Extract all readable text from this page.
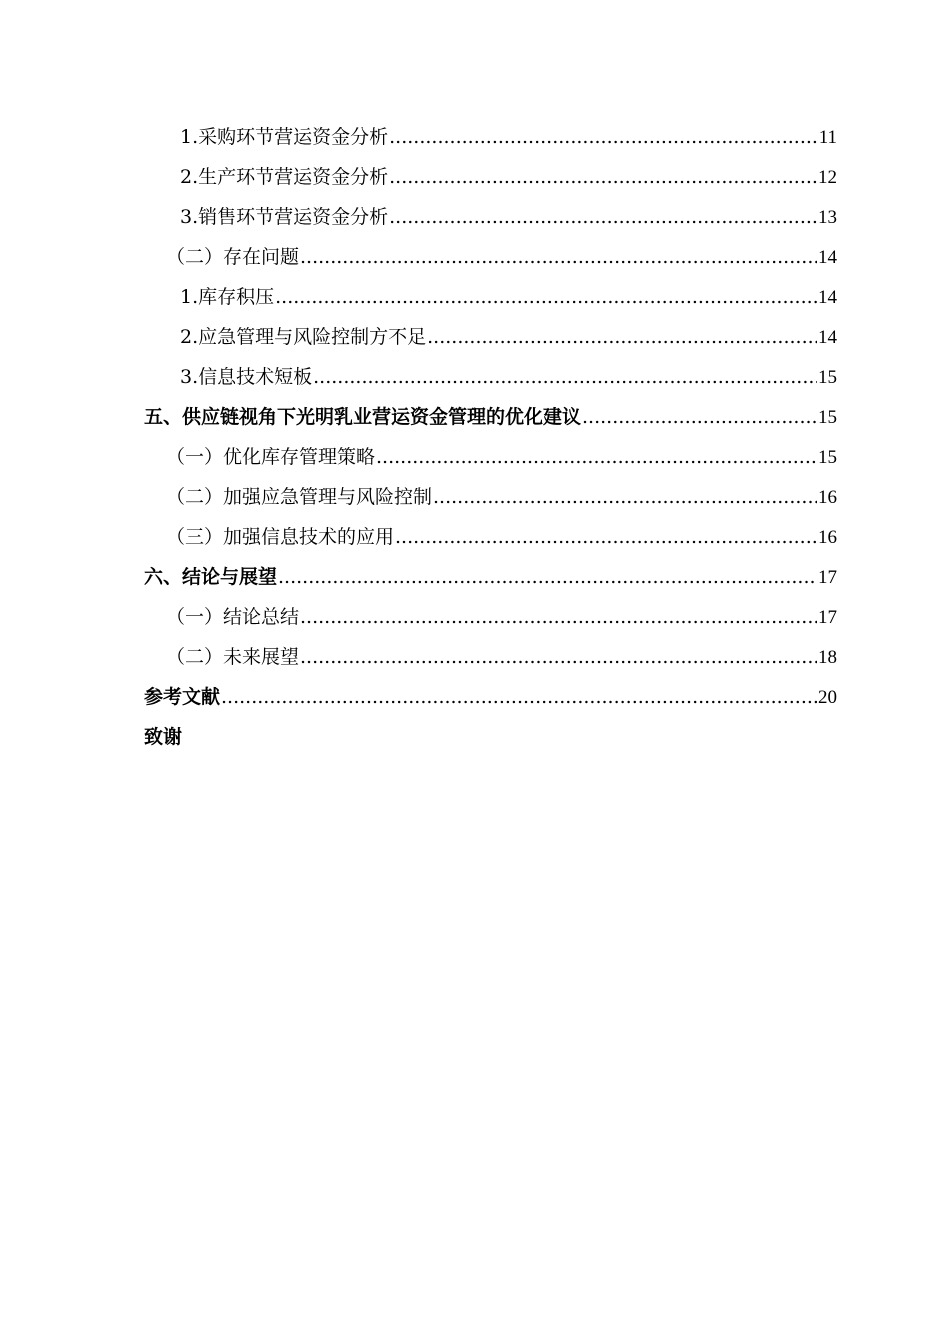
1.采购环节营运资金分析 .....	11
2.生产环节营运资金分析 .....	12
3.销售环节营运资金分析 .....	13
（二）存在问题 .....	14
1.库存积压 .....	14
2.应急管理与风险控制方不足 .....	14
3.信息技术短板 .....	15
五、供应链视角下光明乳业营运资金管理的优化建议 .....	15
（一）优化库存管理策略 .....	15
（二）加强应急管理与风险控制 .....	16
（三）加强信息技术的应用 .....	16
六、结论与展望 .....	17
（一）结论总结 .....	17
（二）未来展望 .....	18
参考文献 .....	20
致谢
